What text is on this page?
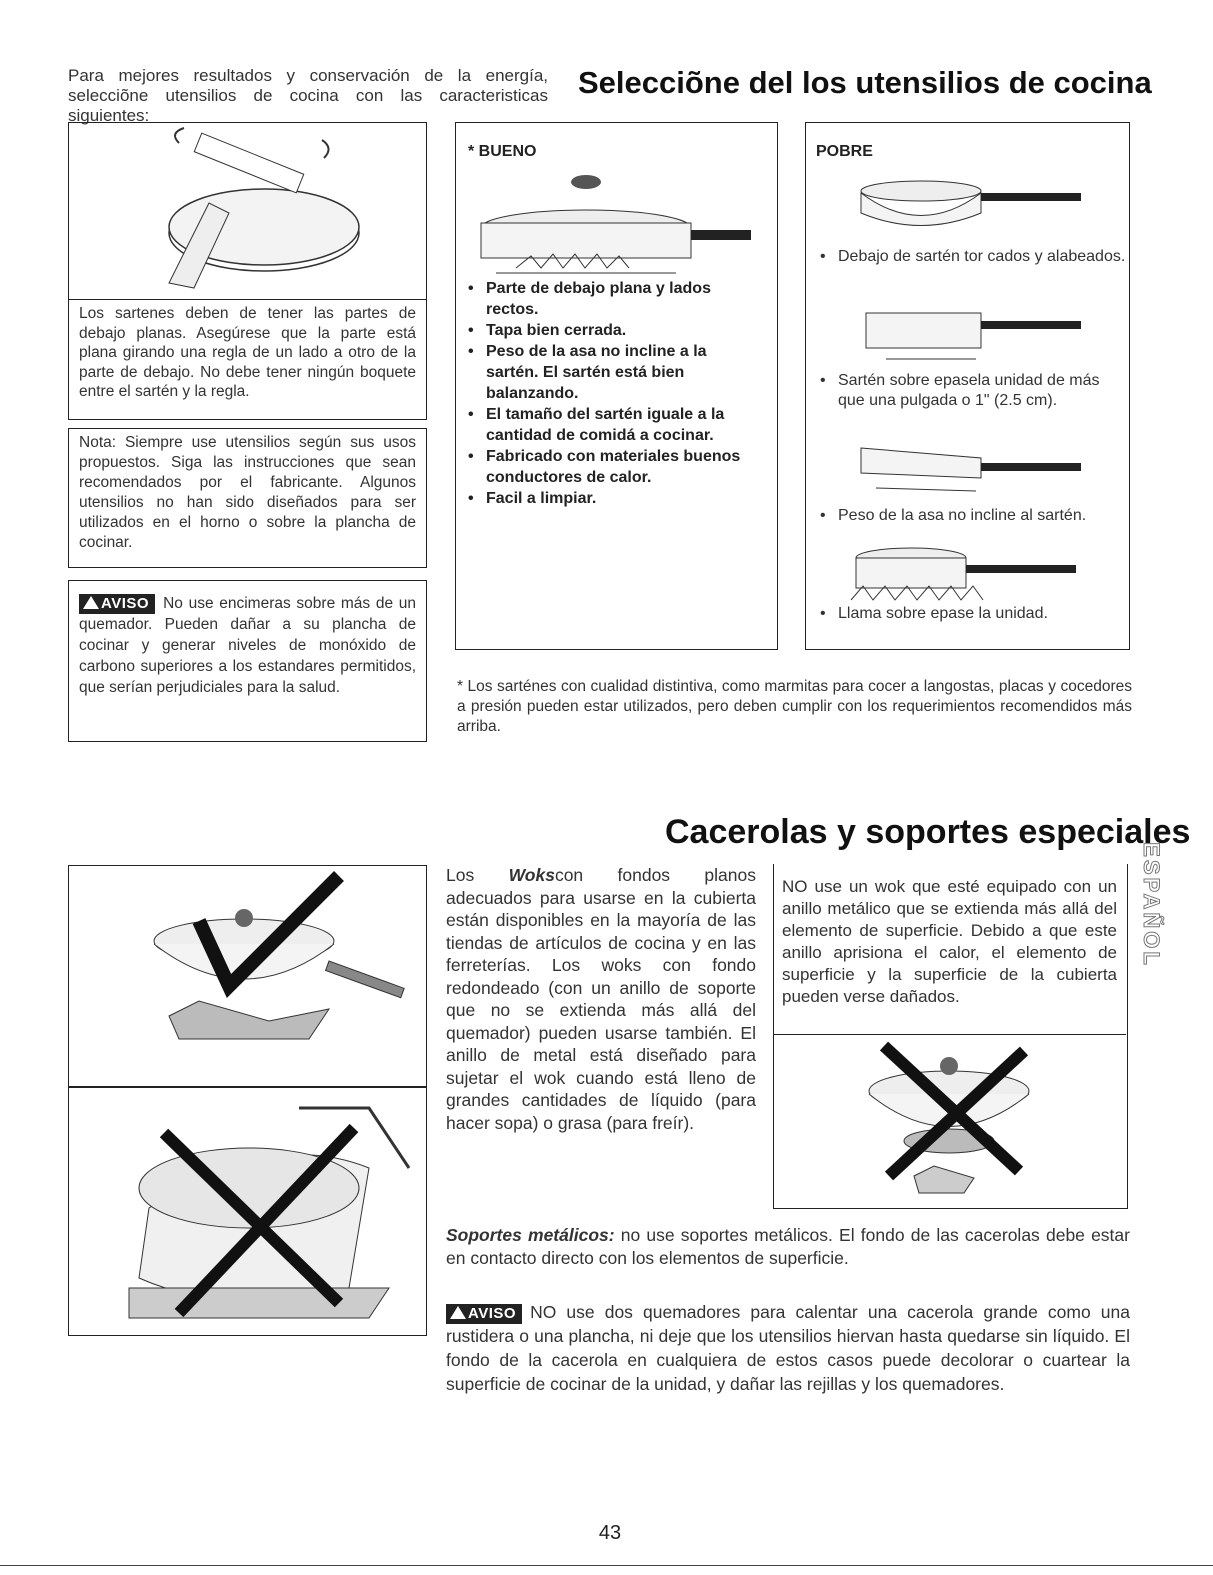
Para mejores resultados y conservación de la energía, selecciõne utensilios de cocina con las caracteristicas siguientes:
Selecciõne del los utensilios de cocina
Los sartenes deben de tener las partes de debajo planas. Asegúrese que la parte está plana girando una regla de un lado a otro de la parte de debajo. No debe tener ningún boquete entre el sartén y la regla.
Nota: Siempre use utensilios según sus usos propuestos. Siga las instrucciones que sean recomendados por el fabricante. Algunos utensilios no han sido diseñados para ser utilizados en el horno o sobre la plancha de cocinar.
AVISO No use encimeras sobre más de un quemador. Pueden dañar a su plancha de cocinar y generar niveles de monóxido de carbono superiores a los estandares permitidos, que serían perjudiciales para la salud.
* BUENO
• Parte de debajo plana y lados rectos.
• Tapa bien cerrada.
• Peso de la asa no incline a la sartén. El sartén está bien balanzando.
• El tamaño del sartén iguale a la cantidad de comidá a cocinar.
• Fabricado con materiales buenos conductores de calor.
• Facil a limpiar.
POBRE
• Debajo de sartén tor cados y alabeados.
• Sartén sobre epasela unidad de más que una pulgada o 1" (2.5 cm).
• Peso de la asa no incline al sartén.
• Llama sobre epase la unidad.
* Los sarténes con cualidad distintiva, como marmitas para cocer a langostas, placas y cocedores a presión pueden estar utilizados, pero deben cumplir con los requerimientos recomendidos más arriba.
Cacerolas y soportes especiales
ESPAÑOL
Los Wokscon fondos planos adecuados para usarse en la cubierta están disponibles en la mayoría de las tiendas de artículos de cocina y en las ferreterías. Los woks con fondo redondeado (con un anillo de soporte que no se extienda más allá del quemador) pueden usarse también. El anillo de metal está diseñado para sujetar el wok cuando está lleno de grandes cantidades de líquido (para hacer sopa) o grasa (para freír).
NO use un wok que esté equipado con un anillo metálico que se extienda más allá del elemento de superficie. Debido a que este anillo aprisiona el calor, el elemento de superficie y la superficie de la cubierta pueden verse dañados.
Soportes metálicos: no use soportes metálicos. El fondo de las cacerolas debe estar en contacto directo con los elementos de superficie.
AVISO NO use dos quemadores para calentar una cacerola grande como una rustidera o una plancha, ni deje que los utensilios hiervan hasta quedarse sin líquido. El fondo de la cacerola en cualquiera de estos casos puede decolorar o cuartear la superficie de cocinar de la unidad, y dañar las rejillas y los quemadores.
43
